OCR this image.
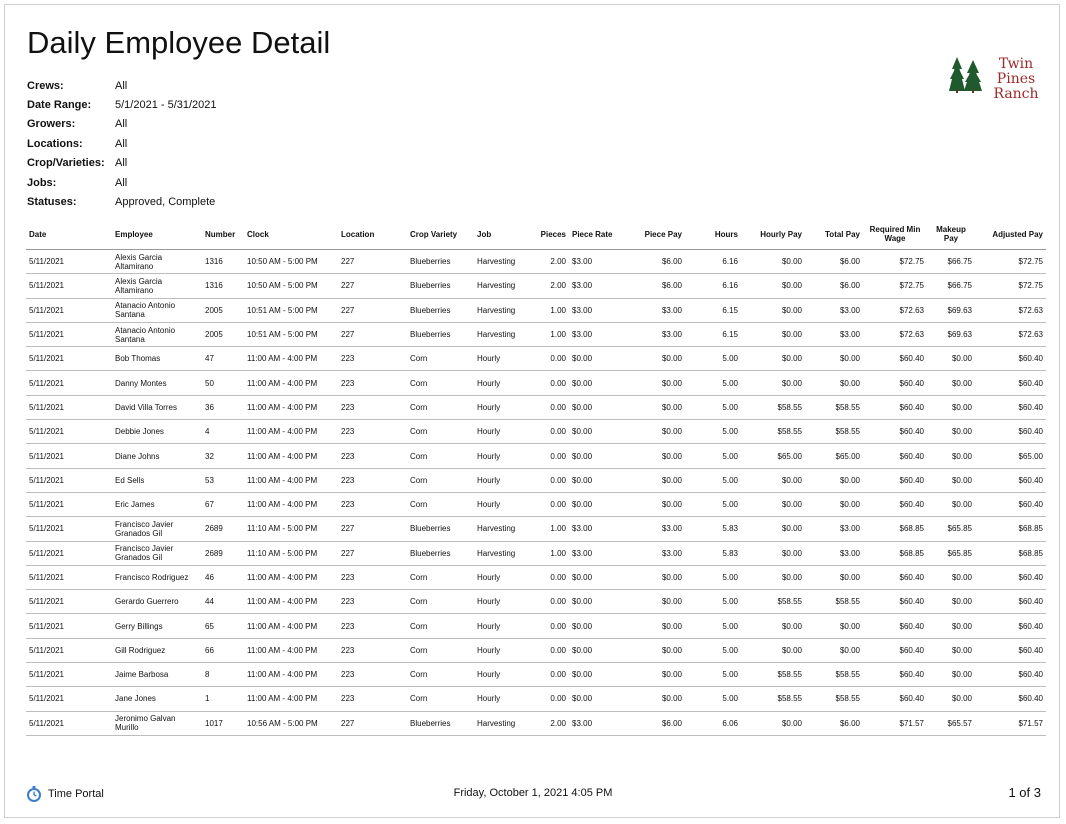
Daily Employee Detail
Twin Pines
Ranch
Crews:	All
Date Range:	5/1/2021 - 5/31/2021
Growers:	All
Locations:	All
Crop/Varieties: All
Jobs:	All
Statuses:	Approved, Complete
Date	Employee	Number	Clock	Location	Crop Variety	Job	Pieces	Piece Rate	Piece Pay	Hours	Hourly Pay	Total Pay	Required Min Wage	Makeup Pay	Adjusted Pay
5/11/2021	Alexis Garcia Altamirano	1316	10:50 AM - 5:00 PM	227	Blueberries	Harvesting	2.00	$3.00	$6.00	6.16	$0.00	$6.00	$72.75	$66.75	$72.75
5/11/2021	Alexis Garcia Altamirano	1316	10:50 AM - 5:00 PM	227	Blueberries	Harvesting	2.00	$3.00	$6.00	6.16	$0.00	$6.00	$72.75	$66.75	$72.75
5/11/2021	Atanacio Antonio Santana	2005	10:51 AM - 5:00 PM	227	Blueberries	Harvesting	1.00	$3.00	$3.00	6.15	$0.00	$3.00	$72.63	$69.63	$72.63
5/11/2021	Atanacio Antonio Santana	2005	10:51 AM - 5:00 PM	227	Blueberries	Harvesting	1.00	$3.00	$3.00	6.15	$0.00	$3.00	$72.63	$69.63	$72.63
5/11/2021	Bob Thomas	47	11:00 AM - 4:00 PM	223	Corn	Hourly	0.00	$0.00	$0.00	5.00	$0.00	$0.00	$60.40	$0.00	$60.40
5/11/2021	Danny Montes	50	11:00 AM - 4:00 PM	223	Corn	Hourly	0.00	$0.00	$0.00	5.00	$0.00	$0.00	$60.40	$0.00	$60.40
5/11/2021	David Villa Torres	36	11:00 AM - 4:00 PM	223	Corn	Hourly	0.00	$0.00	$0.00	5.00	$58.55	$58.55	$60.40	$0.00	$60.40
5/11/2021	Debbie Jones	4	11:00 AM - 4:00 PM	223	Corn	Hourly	0.00	$0.00	$0.00	5.00	$58.55	$58.55	$60.40	$0.00	$60.40
5/11/2021	Diane Johns	32	11:00 AM - 4:00 PM	223	Corn	Hourly	0.00	$0.00	$0.00	5.00	$65.00	$65.00	$60.40	$0.00	$65.00
5/11/2021	Ed Sells	53	11:00 AM - 4:00 PM	223	Corn	Hourly	0.00	$0.00	$0.00	5.00	$0.00	$0.00	$60.40	$0.00	$60.40
5/11/2021	Eric James	67	11:00 AM - 4:00 PM	223	Corn	Hourly	0.00	$0.00	$0.00	5.00	$0.00	$0.00	$60.40	$0.00	$60.40
5/11/2021	Francisco Javier Granados Gil	2689	11:10 AM - 5:00 PM	227	Blueberries	Harvesting	1.00	$3.00	$3.00	5.83	$0.00	$3.00	$68.85	$65.85	$68.85
5/11/2021	Francisco Javier Granados Gil	2689	11:10 AM - 5:00 PM	227	Blueberries	Harvesting	1.00	$3.00	$3.00	5.83	$0.00	$3.00	$68.85	$65.85	$68.85
5/11/2021	Francisco Rodriguez	46	11:00 AM - 4:00 PM	223	Corn	Hourly	0.00	$0.00	$0.00	5.00	$0.00	$0.00	$60.40	$0.00	$60.40
5/11/2021	Gerardo Guerrero	44	11:00 AM - 4:00 PM	223	Corn	Hourly	0.00	$0.00	$0.00	5.00	$58.55	$58.55	$60.40	$0.00	$60.40
5/11/2021	Gerry Billings	65	11:00 AM - 4:00 PM	223	Corn	Hourly	0.00	$0.00	$0.00	5.00	$0.00	$0.00	$60.40	$0.00	$60.40
5/11/2021	Gill Rodriguez	66	11:00 AM - 4:00 PM	223	Corn	Hourly	0.00	$0.00	$0.00	5.00	$0.00	$0.00	$60.40	$0.00	$60.40
5/11/2021	Jaime Barbosa	8	11:00 AM - 4:00 PM	223	Corn	Hourly	0.00	$0.00	$0.00	5.00	$58.55	$58.55	$60.40	$0.00	$60.40
5/11/2021	Jane Jones	1	11:00 AM - 4:00 PM	223	Corn	Hourly	0.00	$0.00	$0.00	5.00	$58.55	$58.55	$60.40	$0.00	$60.40
5/11/2021	Jeronimo Galvan Murillo	1017	10:56 AM - 5:00 PM	227	Blueberries	Harvesting	2.00	$3.00	$6.00	6.06	$0.00	$6.00	$71.57	$65.57	$71.57
Time Portal	Friday, October 1, 2021 4:05 PM	1 of 3
